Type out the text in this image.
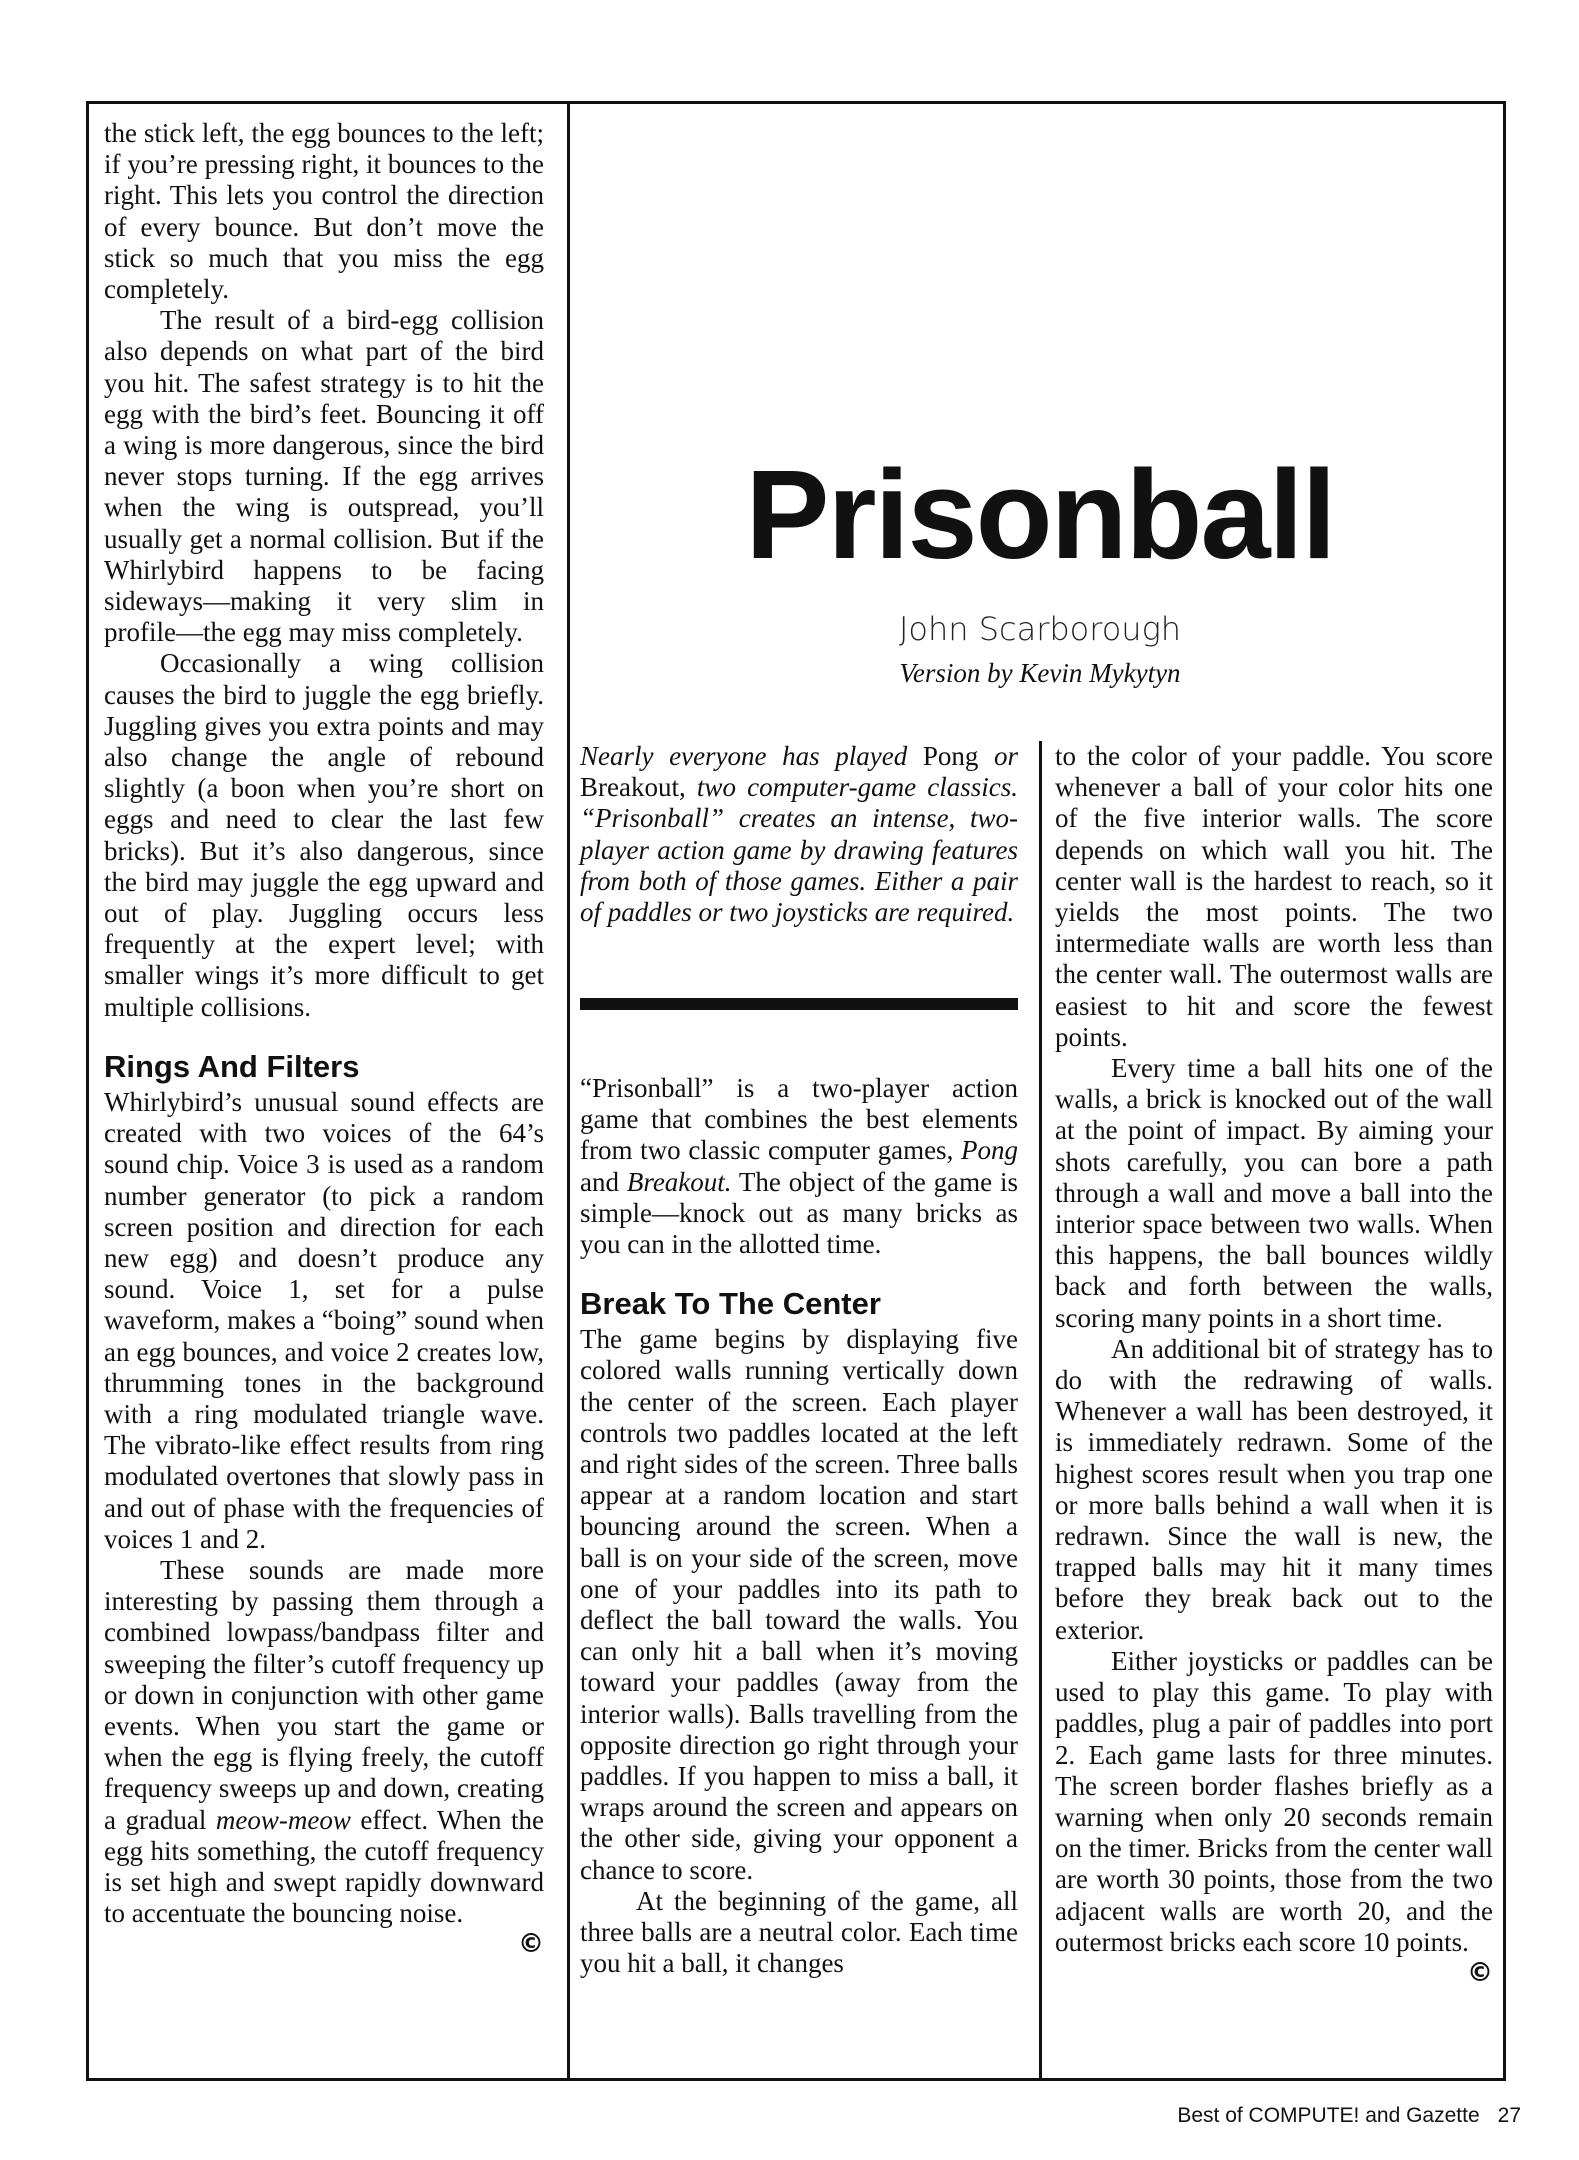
the stick left, the egg bounces to the left; if you’re pressing right, it bounces to the right. This lets you control the direction of every bounce. But don’t move the stick so much that you miss the egg completely.

The result of a bird-egg collision also depends on what part of the bird you hit. The safest strategy is to hit the egg with the bird’s feet. Bouncing it off a wing is more dangerous, since the bird never stops turning. If the egg arrives when the wing is outspread, you’ll usually get a normal collision. But if the Whirlybird happens to be facing sideways—making it very slim in profile—the egg may miss completely.

Occasionally a wing collision causes the bird to juggle the egg briefly. Juggling gives you extra points and may also change the angle of rebound slightly (a boon when you’re short on eggs and need to clear the last few bricks). But it’s also dangerous, since the bird may juggle the egg upward and out of play. Juggling occurs less frequently at the expert level; with smaller wings it’s more difficult to get multiple collisions.

Rings And Filters

Whirlybird’s unusual sound effects are created with two voices of the 64’s sound chip. Voice 3 is used as a random number generator (to pick a random screen position and direction for each new egg) and doesn’t produce any sound. Voice 1, set for a pulse waveform, makes a “boing” sound when an egg bounces, and voice 2 creates low, thrumming tones in the background with a ring modulated triangle wave. The vibrato-like effect results from ring modulated overtones that slowly pass in and out of phase with the frequencies of voices 1 and 2.

These sounds are made more interesting by passing them through a combined lowpass/bandpass filter and sweeping the filter’s cutoff frequency up or down in conjunction with other game events. When you start the game or when the egg is flying freely, the cutoff frequency sweeps up and down, creating a gradual meow-meow effect. When the egg hits something, the cutoff frequency is set high and swept rapidly downward to accentuate the bouncing noise.
©

Prisonball
John Scarborough
Version by Kevin Mykytyn
Nearly everyone has played Pong or Breakout, two computer-game classics. “Prisonball” creates an intense, two-player action game by drawing features from both of those games. Either a pair of paddles or two joysticks are required.

“Prisonball” is a two-player action game that combines the best elements from two classic computer games, Pong and Breakout. The object of the game is simple—knock out as many bricks as you can in the allotted time.

Break To The Center

The game begins by displaying five colored walls running vertically down the center of the screen. Each player controls two paddles located at the left and right sides of the screen. Three balls appear at a random location and start bouncing around the screen. When a ball is on your side of the screen, move one of your paddles into its path to deflect the ball toward the walls. You can only hit a ball when it’s moving toward your paddles (away from the interior walls). Balls travelling from the opposite direction go right through your paddles. If you happen to miss a ball, it wraps around the screen and appears on the other side, giving your opponent a chance to score.

At the beginning of the game, all three balls are a neutral color. Each time you hit a ball, it changes

to the color of your paddle. You score whenever a ball of your color hits one of the five interior walls. The score depends on which wall you hit. The center wall is the hardest to reach, so it yields the most points. The two intermediate walls are worth less than the center wall. The outermost walls are easiest to hit and score the fewest points.

Every time a ball hits one of the walls, a brick is knocked out of the wall at the point of impact. By aiming your shots carefully, you can bore a path through a wall and move a ball into the interior space between two walls. When this happens, the ball bounces wildly back and forth between the walls, scoring many points in a short time.

An additional bit of strategy has to do with the redrawing of walls. Whenever a wall has been destroyed, it is immediately redrawn. Some of the highest scores result when you trap one or more balls behind a wall when it is redrawn. Since the wall is new, the trapped balls may hit it many times before they break back out to the exterior.

Either joysticks or paddles can be used to play this game. To play with paddles, plug a pair of paddles into port 2. Each game lasts for three minutes. The screen border flashes briefly as a warning when only 20 seconds remain on the timer. Bricks from the center wall are worth 30 points, those from the two adjacent walls are worth 20, and the outermost bricks each score 10 points.
©

Best of COMPUTE! and Gazette 27
